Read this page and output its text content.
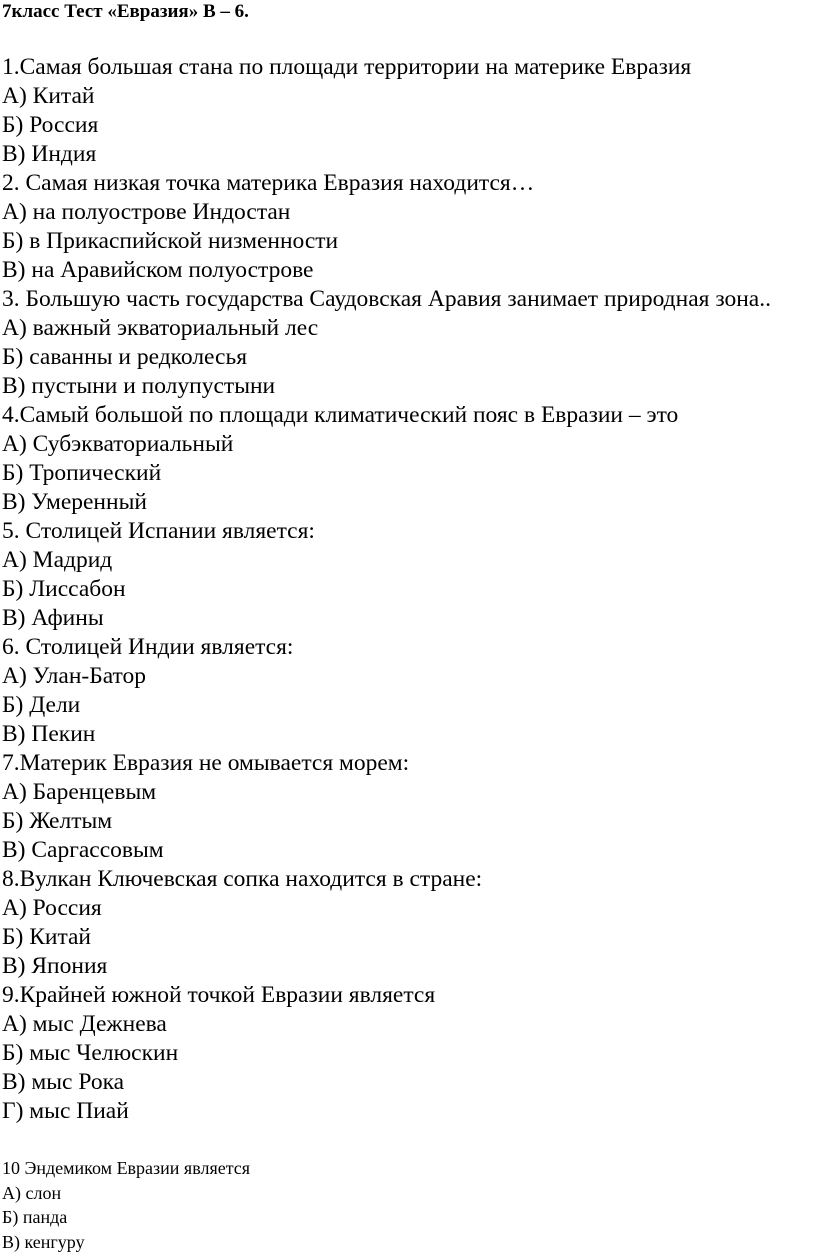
7класс Тест «Евразия» В – 6.
1.Самая большая стана по площади территории на материке Евразия
А) Китай
Б) Россия
В) Индия
2. Самая низкая точка материка Евразия находится…
А) на полуострове Индостан
Б) в Прикаспийской низменности
В) на Аравийском полуострове
3. Большую часть государства Саудовская Аравия занимает природная зона..
А) важный экваториальный лес
Б) саванны и редколесья
В) пустыни и полупустыни
4.Самый большой по площади климатический пояс в Евразии – это
А) Субэкваториальный
Б) Тропический
В) Умеренный
5. Столицей Испании является:
А) Мадрид
Б) Лиссабон
В) Афины
6. Столицей Индии является:
А) Улан-Батор
Б) Дели
В) Пекин
7.Материк Евразия не омывается морем:
А) Баренцевым
Б) Желтым
В) Саргассовым
8.Вулкан Ключевская сопка находится в стране:
А) Россия
Б) Китай
В) Япония
9.Крайней южной точкой Евразии является
А) мыс Дежнева
Б) мыс Челюскин
В) мыс Рока
Г) мыс Пиай
10 Эндемиком Евразии является
А) слон
Б) панда
В) кенгуру
